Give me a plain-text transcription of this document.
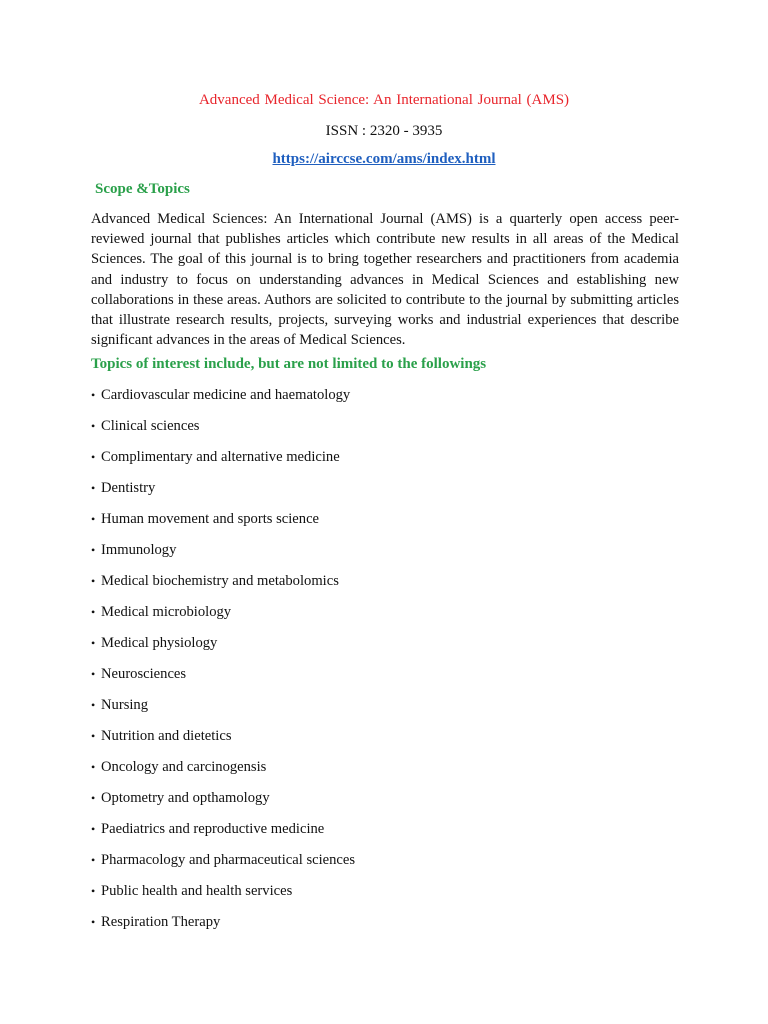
Advanced Medical Science: An International Journal (AMS)
ISSN : 2320 - 3935
https://airccse.com/ams/index.html
Scope &Topics
Advanced Medical Sciences: An International Journal (AMS) is a quarterly open access peer-reviewed journal that publishes articles which contribute new results in all areas of the Medical Sciences. The goal of this journal is to bring together researchers and practitioners from academia and industry to focus on understanding advances in Medical Sciences and establishing new collaborations in these areas. Authors are solicited to contribute to the journal by submitting articles that illustrate research results, projects, surveying works and industrial experiences that describe significant advances in the areas of Medical Sciences.
Topics of interest include, but are not limited to the followings
• Cardiovascular medicine and haematology
• Clinical sciences
• Complimentary and alternative medicine
• Dentistry
• Human movement and sports science
• Immunology
• Medical biochemistry and metabolomics
• Medical microbiology
• Medical physiology
• Neurosciences
• Nursing
• Nutrition and dietetics
• Oncology and carcinogensis
• Optometry and opthamology
• Paediatrics and reproductive medicine
• Pharmacology and pharmaceutical sciences
• Public health and health services
• Respiration Therapy
